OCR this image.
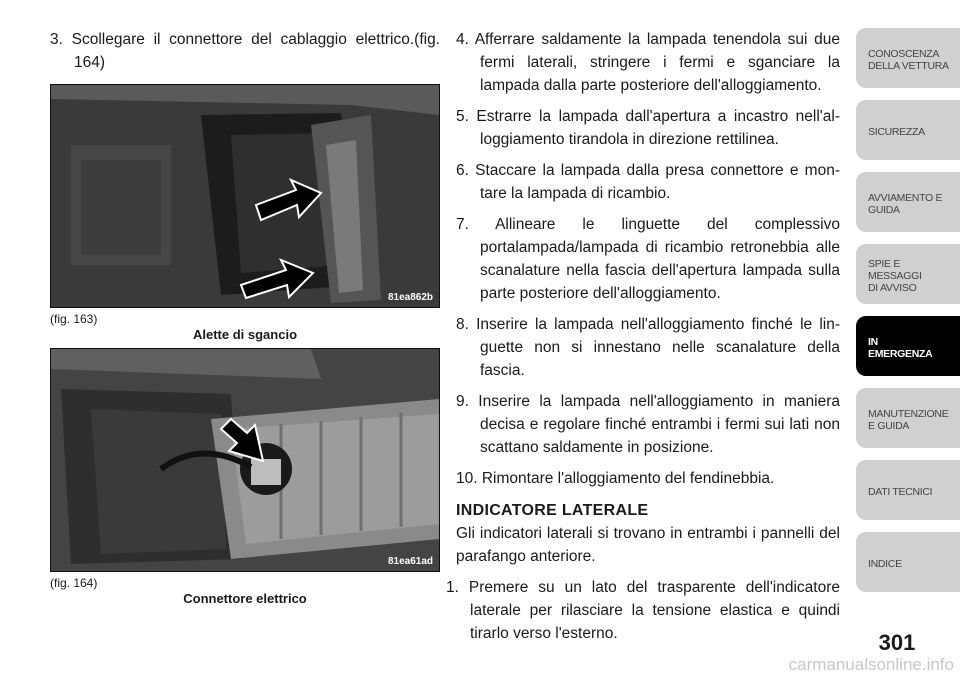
3. Scollegare il connettore del cablaggio elettrico.(fig. 164)

81ea862b

(fig. 163)

Alette di sgancio

81ea61ad

(fig. 164)

Connettore elettrico

4. Afferrare saldamente la lampada tenendola sui due fermi laterali, stringere i fermi e sganciare la lampada dalla parte posteriore dell'alloggiamento.

5. Estrarre la lampada dall'apertura a incastro nell'al-loggiamento tirandola in direzione rettilinea.

6. Staccare la lampada dalla presa connettore e mon-tare la lampada di ricambio.

7. Allineare le linguette del complessivo portalampada/lampada di ricambio retronebbia alle scanalature nella fascia dell'apertura lampada sulla parte posteriore dell'alloggiamento.

8. Inserire la lampada nell'alloggiamento finché le lin-guette non si innestano nelle scanalature della fascia.

9. Inserire la lampada nell'alloggiamento in maniera decisa e regolare finché entrambi i fermi sui lati non scattano saldamente in posizione.

10. Rimontare l'alloggiamento del fendinebbia.

INDICATORE LATERALE

Gli indicatori laterali si trovano in entrambi i pannelli del parafango anteriore.

1. Premere su un lato del trasparente dell'indicatore laterale per rilasciare la tensione elastica e quindi tirarlo verso l'esterno.

CONOSCENZA
DELLA VETTURA
SICUREZZA
AVVIAMENTO E
GUIDA
SPIE E
MESSAGGI
DI AVVISO
IN
EMERGENZA
MANUTENZIONE
E GUIDA
DATI TECNICI
INDICE
301
carmanualsonline.info
